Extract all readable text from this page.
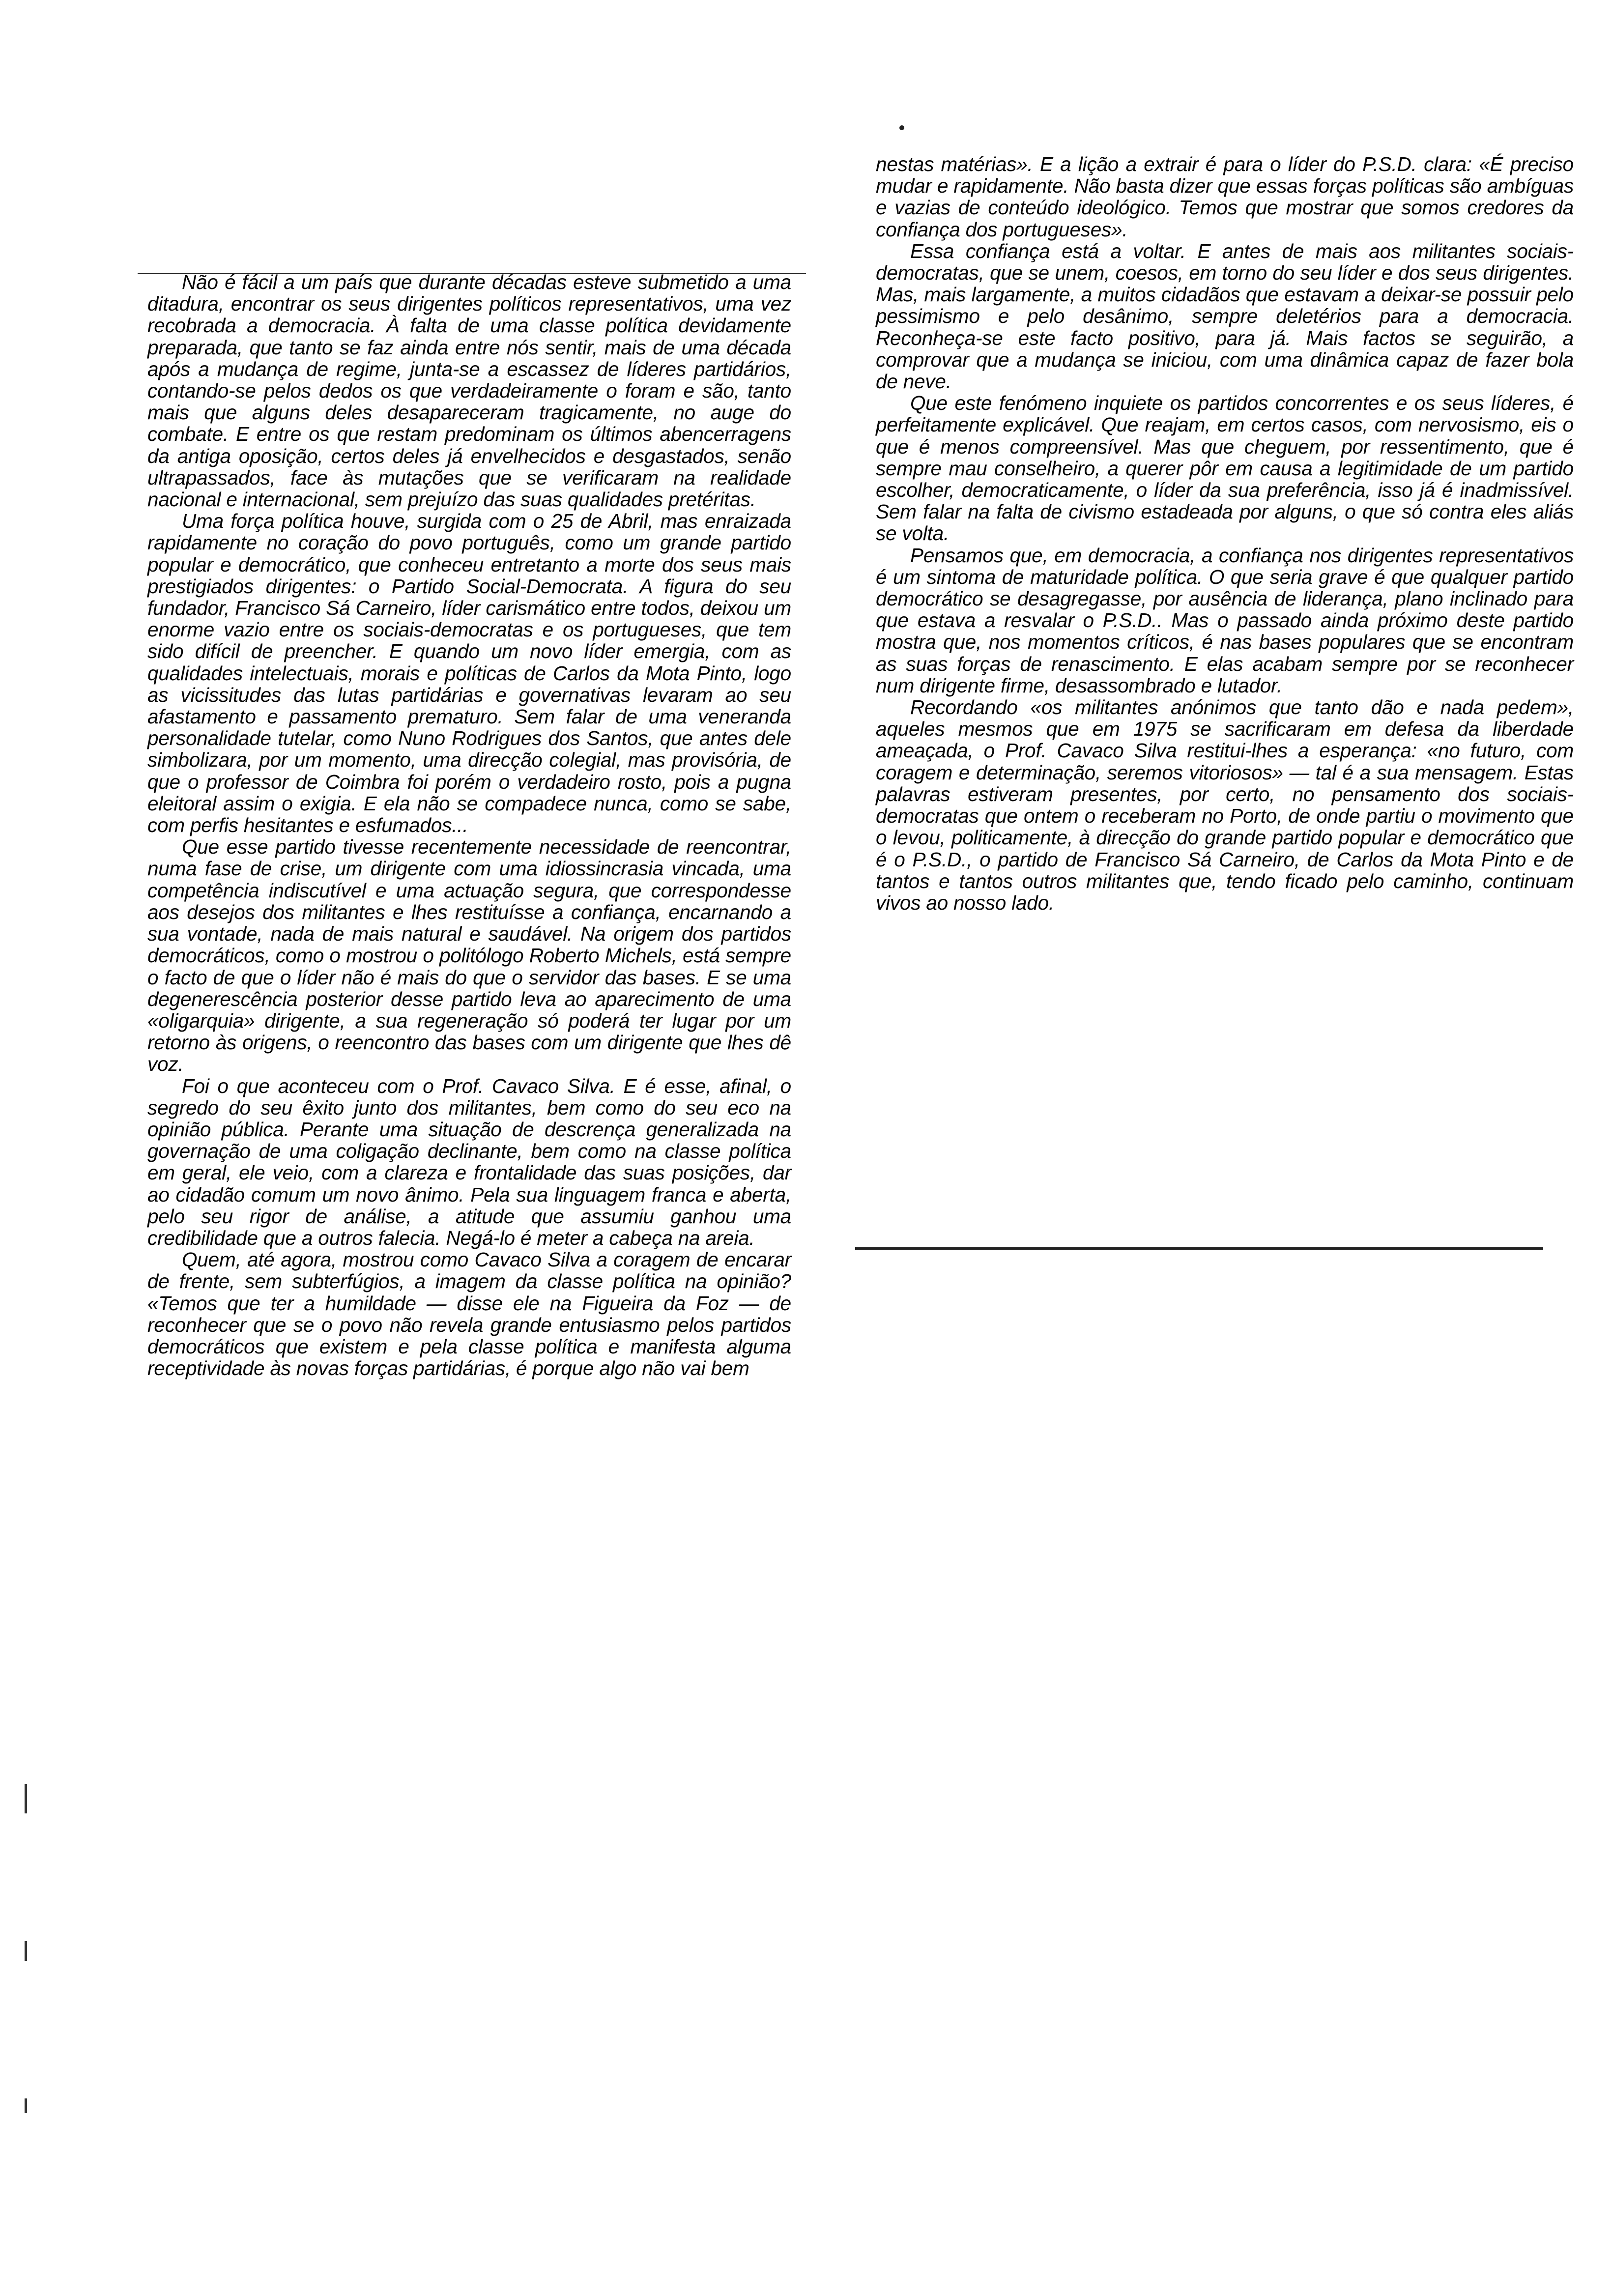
Não é fácil a um país que durante décadas esteve submetido a uma ditadura, encontrar os seus dirigentes políticos representativos, uma vez recobrada a democracia. À falta de uma classe política devidamente preparada, que tanto se faz ainda entre nós sentir, mais de uma década após a mudança de regime, junta-se a escassez de líderes partidários, contando-se pelos dedos os que verdadeiramente o foram e são, tanto mais que alguns deles desapareceram tragicamente, no auge do combate. E entre os que restam predominam os últimos abencerragens da antiga oposição, certos deles já envelhecidos e desgastados, senão ultrapassados, face às mutações que se verificaram na realidade nacional e internacional, sem prejuízo das suas qualidades pretéritas.

Uma força política houve, surgida com o 25 de Abril, mas enraizada rapidamente no coração do povo português, como um grande partido popular e democrático, que conheceu entretanto a morte dos seus mais prestigiados dirigentes: o Partido Social-Democrata. A figura do seu fundador, Francisco Sá Carneiro, líder carismático entre todos, deixou um enorme vazio entre os sociais-democratas e os portugueses, que tem sido difícil de preencher. E quando um novo líder emergia, com as qualidades intelectuais, morais e políticas de Carlos da Mota Pinto, logo as vicissitudes das lutas partidárias e governativas levaram ao seu afastamento e passamento prematuro. Sem falar de uma veneranda personalidade tutelar, como Nuno Rodrigues dos Santos, que antes dele simbolizara, por um momento, uma direcção colegial, mas provisória, de que o professor de Coimbra foi porém o verdadeiro rosto, pois a pugna eleitoral assim o exigia. E ela não se compadece nunca, como se sabe, com perfis hesitantes e esfumados...

Que esse partido tivesse recentemente necessidade de reencontrar, numa fase de crise, um dirigente com uma idiossincrasia vincada, uma competência indiscutível e uma actuação segura, que correspondesse aos desejos dos militantes e lhes restituísse a confiança, encarnando a sua vontade, nada de mais natural e saudável. Na origem dos partidos democráticos, como o mostrou o politólogo Roberto Michels, está sempre o facto de que o líder não é mais do que o servidor das bases. E se uma degenerescência posterior desse partido leva ao aparecimento de uma «oligarquia» dirigente, a sua regeneração só poderá ter lugar por um retorno às origens, o reencontro das bases com um dirigente que lhes dê voz.

Foi o que aconteceu com o Prof. Cavaco Silva. E é esse, afinal, o segredo do seu êxito junto dos militantes, bem como do seu eco na opinião pública. Perante uma situação de descrença generalizada na governação de uma coligação declinante, bem como na classe política em geral, ele veio, com a clareza e frontalidade das suas posições, dar ao cidadão comum um novo ânimo. Pela sua linguagem franca e aberta, pelo seu rigor de análise, a atitude que assumiu ganhou uma credibilidade que a outros falecia. Negá-lo é meter a cabeça na areia.

Quem, até agora, mostrou como Cavaco Silva a coragem de encarar de frente, sem subterfúgios, a imagem da classe política na opinião? «Temos que ter a humildade — disse ele na Figueira da Foz — de reconhecer que se o povo não revela grande entusiasmo pelos partidos democráticos que existem e pela classe política e manifesta alguma receptividade às novas forças partidárias, é porque algo não vai bem

nestas matérias». E a lição a extrair é para o líder do P.S.D. clara: «É preciso mudar e rapidamente. Não basta dizer que essas forças políticas são ambíguas e vazias de conteúdo ideológico. Temos que mostrar que somos credores da confiança dos portugueses».

Essa confiança está a voltar. E antes de mais aos militantes sociais-democratas, que se unem, coesos, em torno do seu líder e dos seus dirigentes. Mas, mais largamente, a muitos cidadãos que estavam a deixar-se possuir pelo pessimismo e pelo desânimo, sempre deletérios para a democracia. Reconheça-se este facto positivo, para já. Mais factos se seguirão, a comprovar que a mudança se iniciou, com uma dinâmica capaz de fazer bola de neve.

Que este fenómeno inquiete os partidos concorrentes e os seus líderes, é perfeitamente explicável. Que reajam, em certos casos, com nervosismo, eis o que é menos compreensível. Mas que cheguem, por ressentimento, que é sempre mau conselheiro, a querer pôr em causa a legitimidade de um partido escolher, democraticamente, o líder da sua preferência, isso já é inadmissível. Sem falar na falta de civismo estadeada por alguns, o que só contra eles aliás se volta.

Pensamos que, em democracia, a confiança nos dirigentes representativos é um sintoma de maturidade política. O que seria grave é que qualquer partido democrático se desagregasse, por ausência de liderança, plano inclinado para que estava a resvalar o P.S.D.. Mas o passado ainda próximo deste partido mostra que, nos momentos críticos, é nas bases populares que se encontram as suas forças de renascimento. E elas acabam sempre por se reconhecer num dirigente firme, desassombrado e lutador.

Recordando «os militantes anónimos que tanto dão e nada pedem», aqueles mesmos que em 1975 se sacrificaram em defesa da liberdade ameaçada, o Prof. Cavaco Silva restitui-lhes a esperança: «no futuro, com coragem e determinação, seremos vitoriosos» — tal é a sua mensagem. Estas palavras estiveram presentes, por certo, no pensamento dos sociais-democratas que ontem o receberam no Porto, de onde partiu o movimento que o levou, politicamente, à direcção do grande partido popular e democrático que é o P.S.D., o partido de Francisco Sá Carneiro, de Carlos da Mota Pinto e de tantos e tantos outros militantes que, tendo ficado pelo caminho, continuam vivos ao nosso lado.
